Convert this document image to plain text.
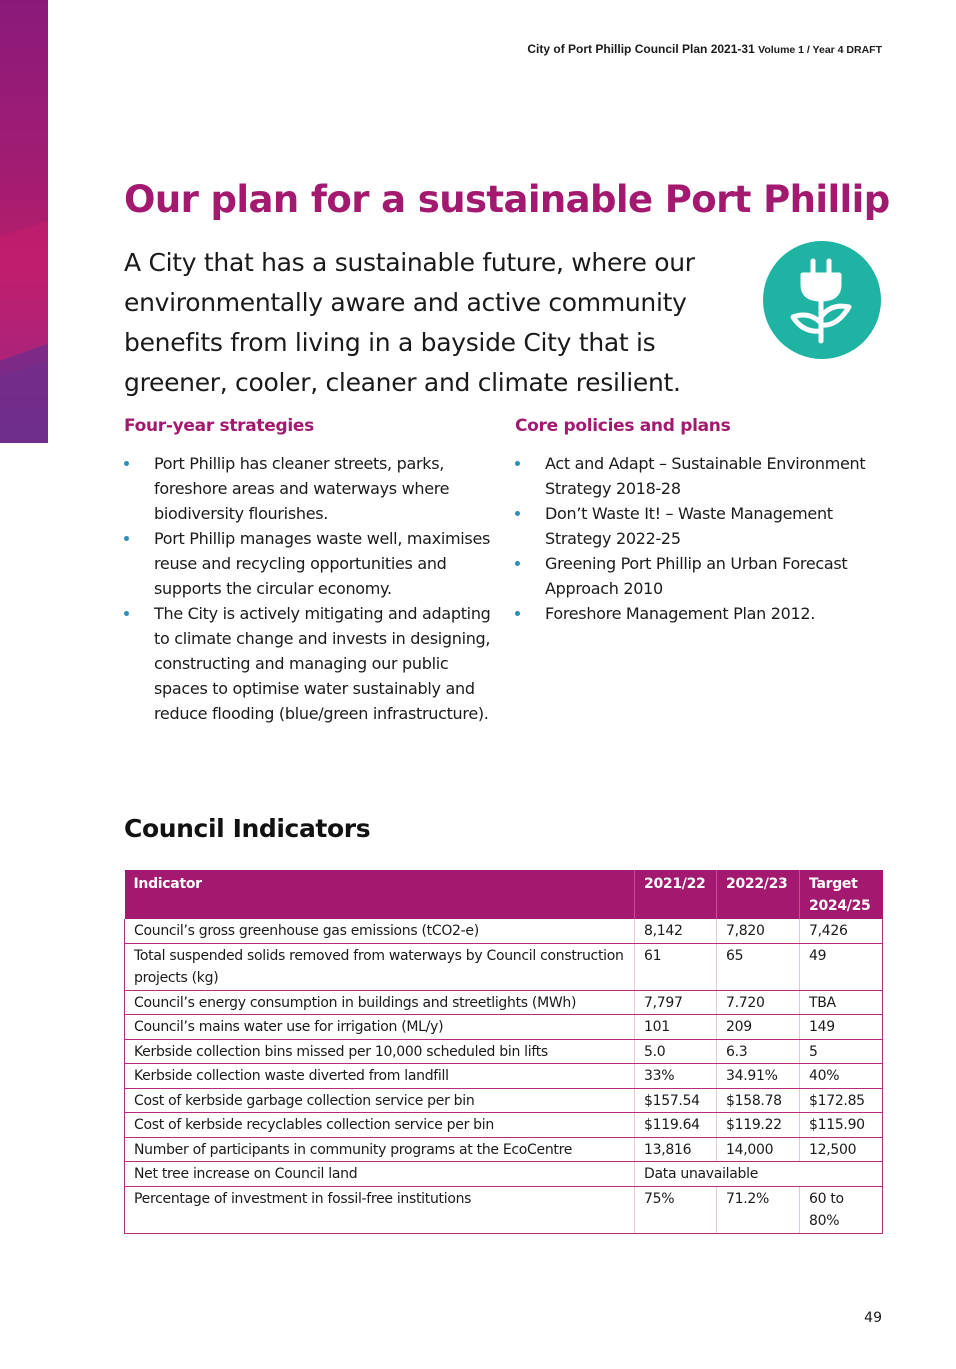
City of Port Phillip Council Plan 2021-31 Volume 1 / Year 4 DRAFT
Our plan for a sustainable Port Phillip

A City that has a sustainable future, where our environmentally aware and active community benefits from living in a bayside City that is greener, cooler, cleaner and climate resilient.

Four-year strategies	Core policies and plans
Port Phillip has cleaner streets, parks, foreshore areas and waterways where biodiversity flourishes.
Port Phillip manages waste well, maximises reuse and recycling opportunities and supports the circular economy.
The City is actively mitigating and adapting to climate change and invests in designing, constructing and managing our public spaces to optimise water sustainably and reduce flooding (blue/green infrastructure).
Act and Adapt – Sustainable Environment Strategy 2018-28
Don’t Waste It! – Waste Management Strategy 2022-25
Greening Port Phillip an Urban Forecast Approach 2010
Foreshore Management Plan 2012.
Council Indicators
Indicator	2021/22	2022/23	Target 2024/25
Council’s gross greenhouse gas emissions (tCO2-e)	8,142	7,820	7,426
Total suspended solids removed from waterways by Council construction projects (kg)	61	65	49
Council’s energy consumption in buildings and streetlights (MWh)	7,797	7.720	TBA
Council’s mains water use for irrigation (ML/y)	101	209	149
Kerbside collection bins missed per 10,000 scheduled bin lifts	5.0	6.3	5
Kerbside collection waste diverted from landfill	33%	34.91%	40%
Cost of kerbside garbage collection service per bin	$157.54	$158.78	$172.85
Cost of kerbside recyclables collection service per bin	$119.64	$119.22	$115.90
Number of participants in community programs at the EcoCentre	13,816	14,000	12,500
Net tree increase on Council land	Data unavailable		
Percentage of investment in fossil-free institutions	75%	71.2%	60 to 80%
49
